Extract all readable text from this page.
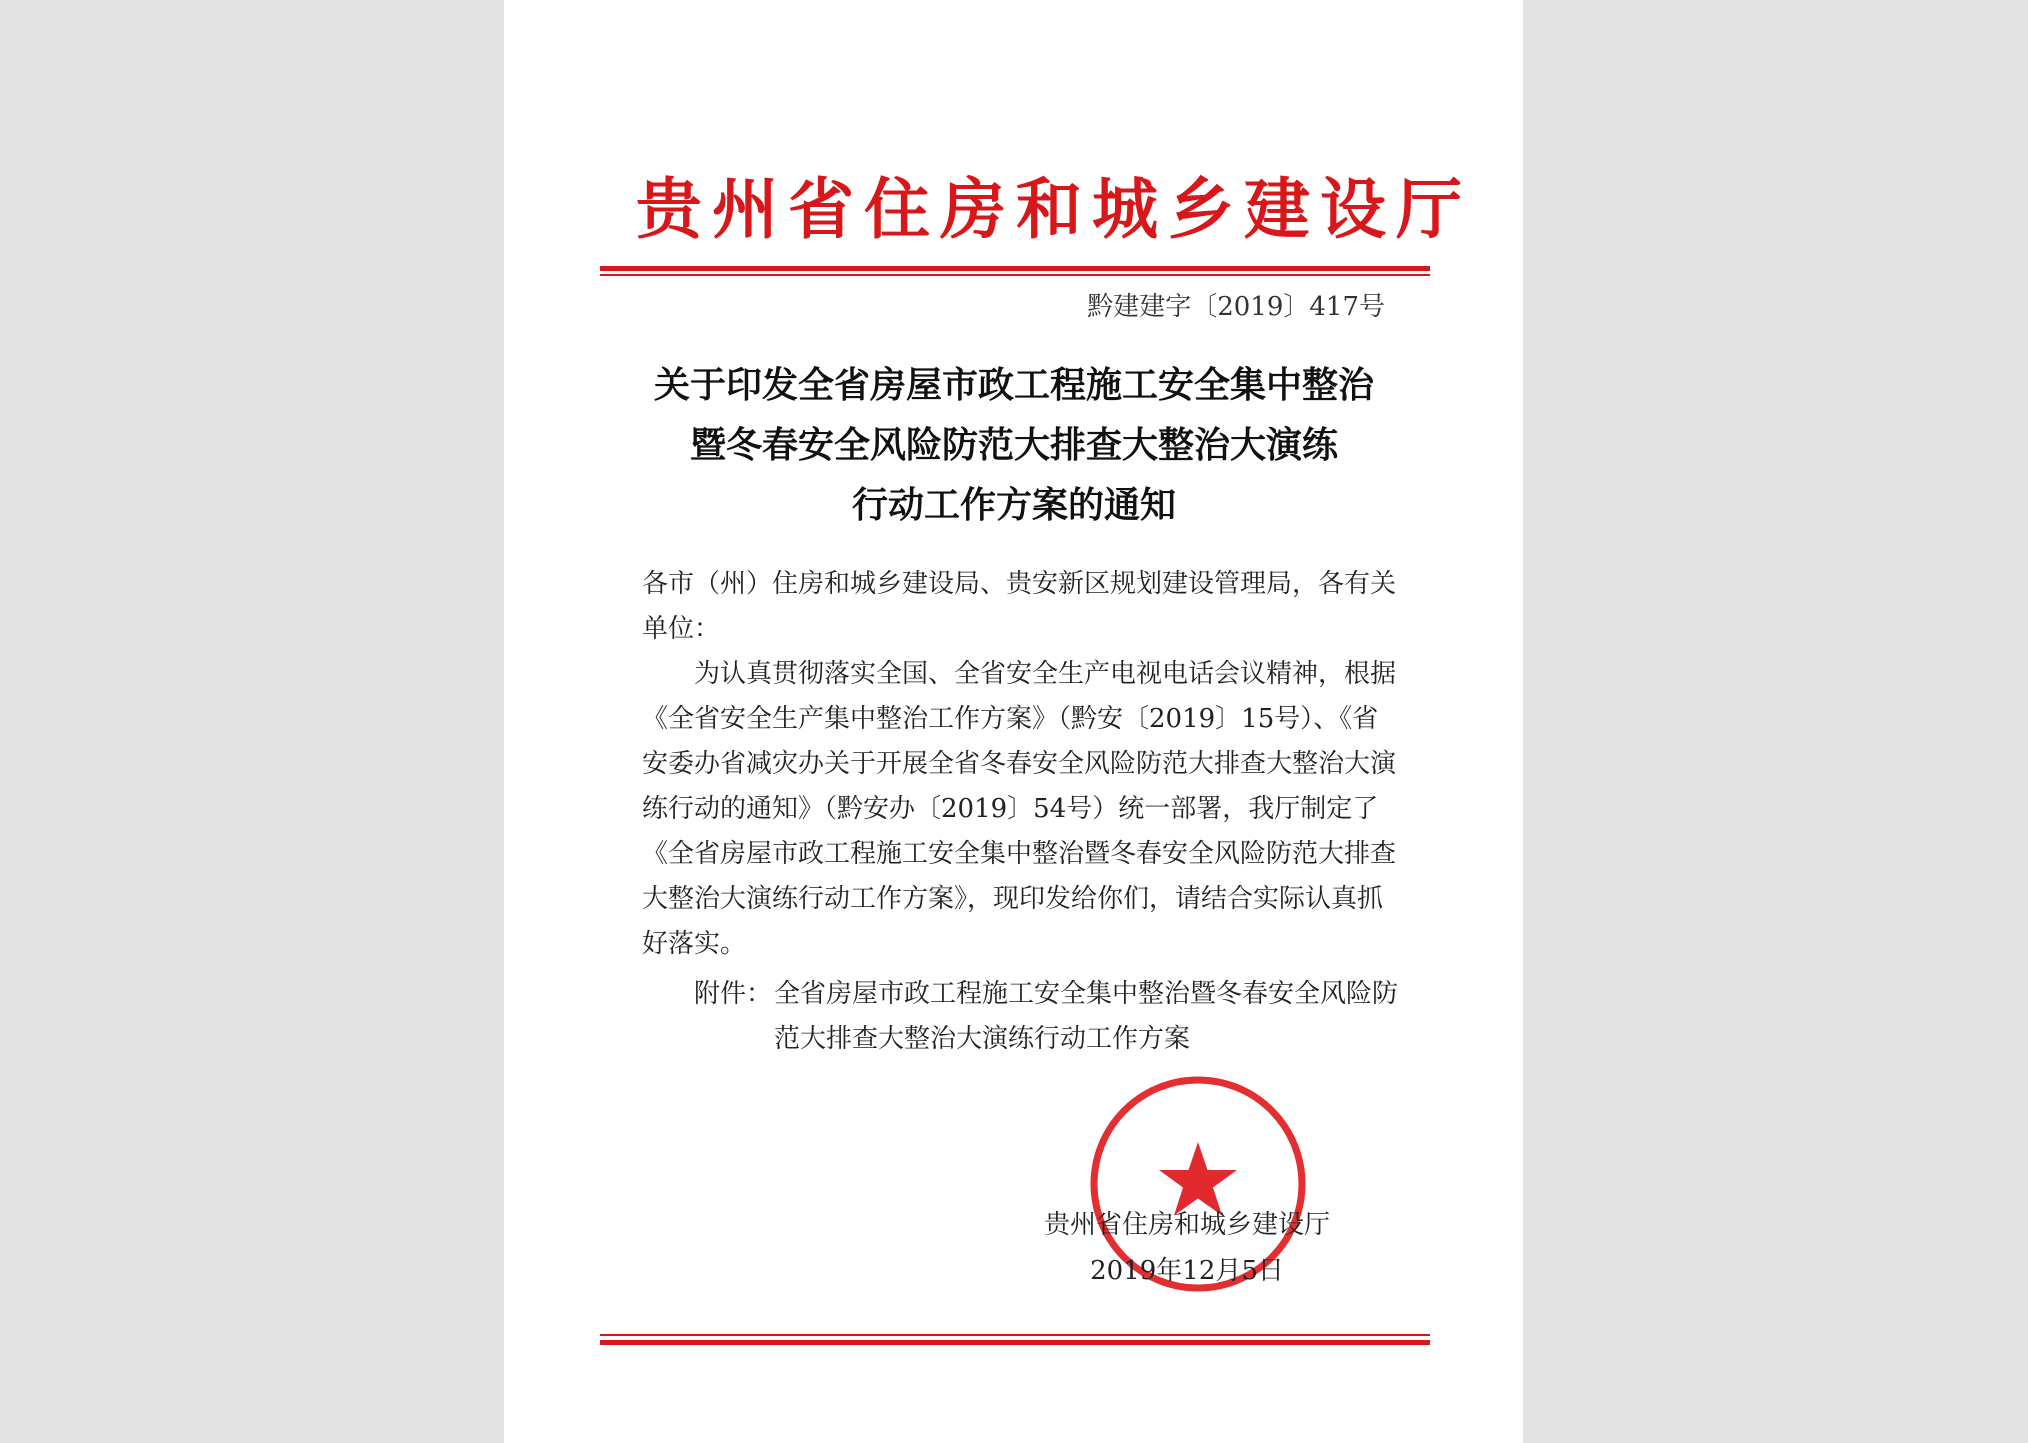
贵州省住房和城乡建设厅
黔建建字〔2019〕417号
关于印发全省房屋市政工程施工安全集中整治
暨冬春安全风险防范大排查大整治大演练
行动工作方案的通知

各市（州）住房和城乡建设局、贵安新区规划建设管理局，各有关单位：

为认真贯彻落实全国、全省安全生产电视电话会议精神，根据《全省安全生产集中整治工作方案》（黔安〔2019〕15号）、《省安委办省减灾办关于开展全省冬春安全风险防范大排查大整治大演练行动的通知》（黔安办〔2019〕54号）统一部署，我厅制定了《全省房屋市政工程施工安全集中整治暨冬春安全风险防范大排查大整治大演练行动工作方案》，现印发给你们，请结合实际认真抓好落实。

附件： 全省房屋市政工程施工安全集中整治暨冬春安全风险防范大排查大整治大演练行动工作方案
贵州省住房和城乡建设厅
2019年12月5日
